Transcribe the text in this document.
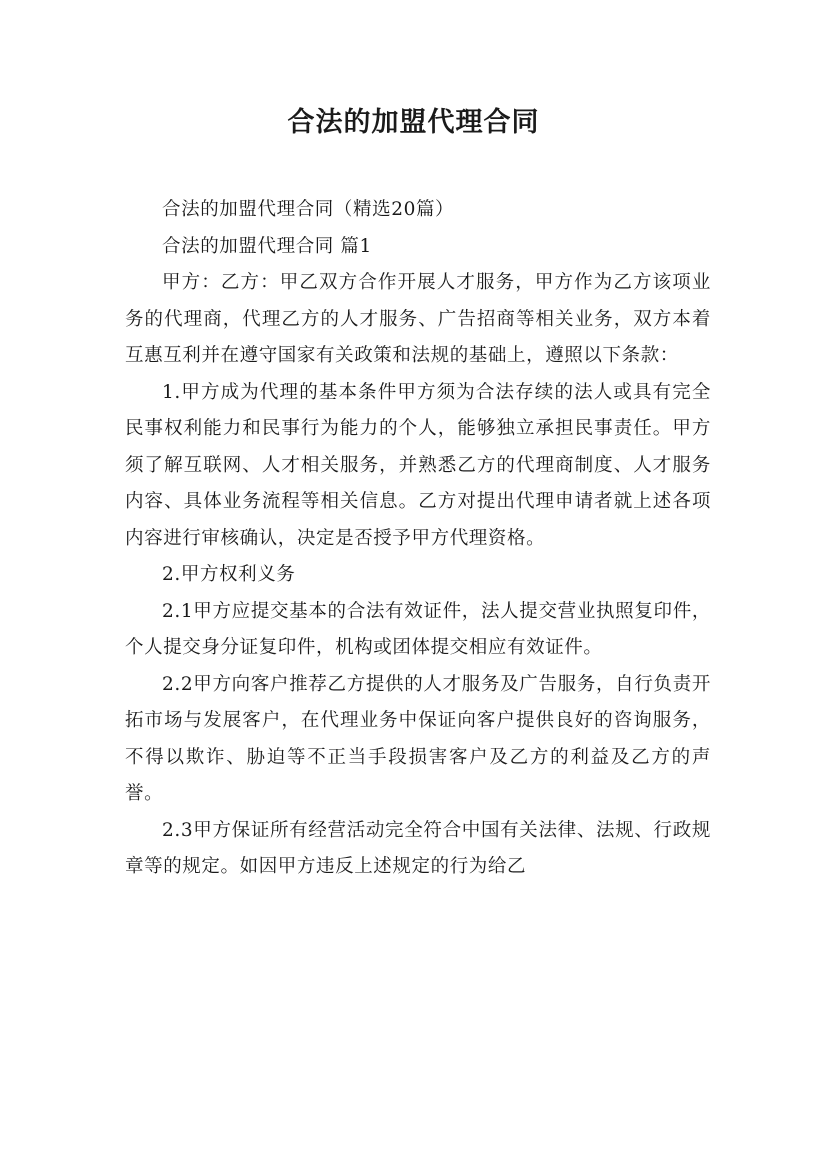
合法的加盟代理合同

合法的加盟代理合同（精选20篇）

合法的加盟代理合同 篇1

甲方：乙方：甲乙双方合作开展人才服务，甲方作为乙方该项业务的代理商，代理乙方的人才服务、广告招商等相关业务，双方本着互惠互利并在遵守国家有关政策和法规的基础上，遵照以下条款：

1.甲方成为代理的基本条件甲方须为合法存续的法人或具有完全民事权利能力和民事行为能力的个人，能够独立承担民事责任。甲方须了解互联网、人才相关服务，并熟悉乙方的代理商制度、人才服务内容、具体业务流程等相关信息。乙方对提出代理申请者就上述各项内容进行审核确认，决定是否授予甲方代理资格。

2.甲方权利义务

2.1甲方应提交基本的合法有效证件，法人提交营业执照复印件，个人提交身分证复印件，机构或团体提交相应有效证件。

2.2甲方向客户推荐乙方提供的人才服务及广告服务，自行负责开拓市场与发展客户，在代理业务中保证向客户提供良好的咨询服务，不得以欺诈、胁迫等不正当手段损害客户及乙方的利益及乙方的声誉。

2.3甲方保证所有经营活动完全符合中国有关法律、法规、行政规章等的规定。如因甲方违反上述规定的行为给乙
